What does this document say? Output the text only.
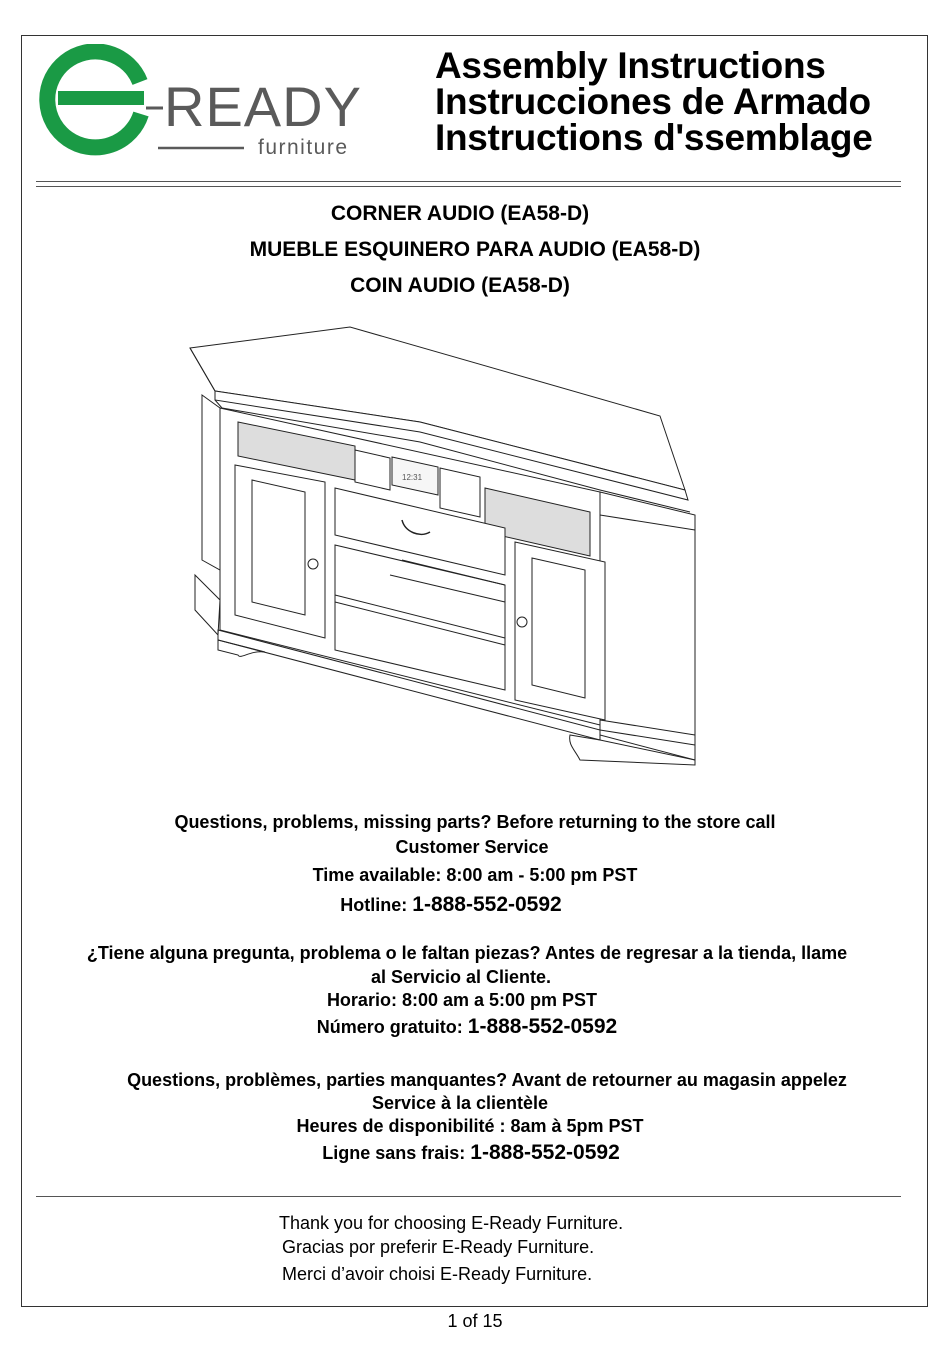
READY
furniture
Assembly Instructions
Instrucciones de Armado
Instructions d'ssemblage
CORNER AUDIO (EA58-D)
MUEBLE ESQUINERO PARA AUDIO (EA58-D)
COIN AUDIO (EA58-D)
12:31
Questions, problems, missing parts? Before returning to the store call
Customer Service
Time available: 8:00 am - 5:00 pm PST
Hotline: 1-888-552-0592
¿Tiene alguna pregunta, problema o le faltan piezas? Antes de regresar a la tienda, llame
al Servicio al Cliente.
Horario: 8:00 am a 5:00 pm PST
Número gratuito: 1-888-552-0592
Questions, problèmes, parties manquantes? Avant de retourner au magasin appelez
Service à la clientèle
Heures de disponibilité : 8am à 5pm PST
Ligne sans frais: 1-888-552-0592
Thank you for choosing E-Ready Furniture.
Gracias por preferir E-Ready Furniture.
Merci d’avoir choisi E-Ready Furniture.
1 of 15
